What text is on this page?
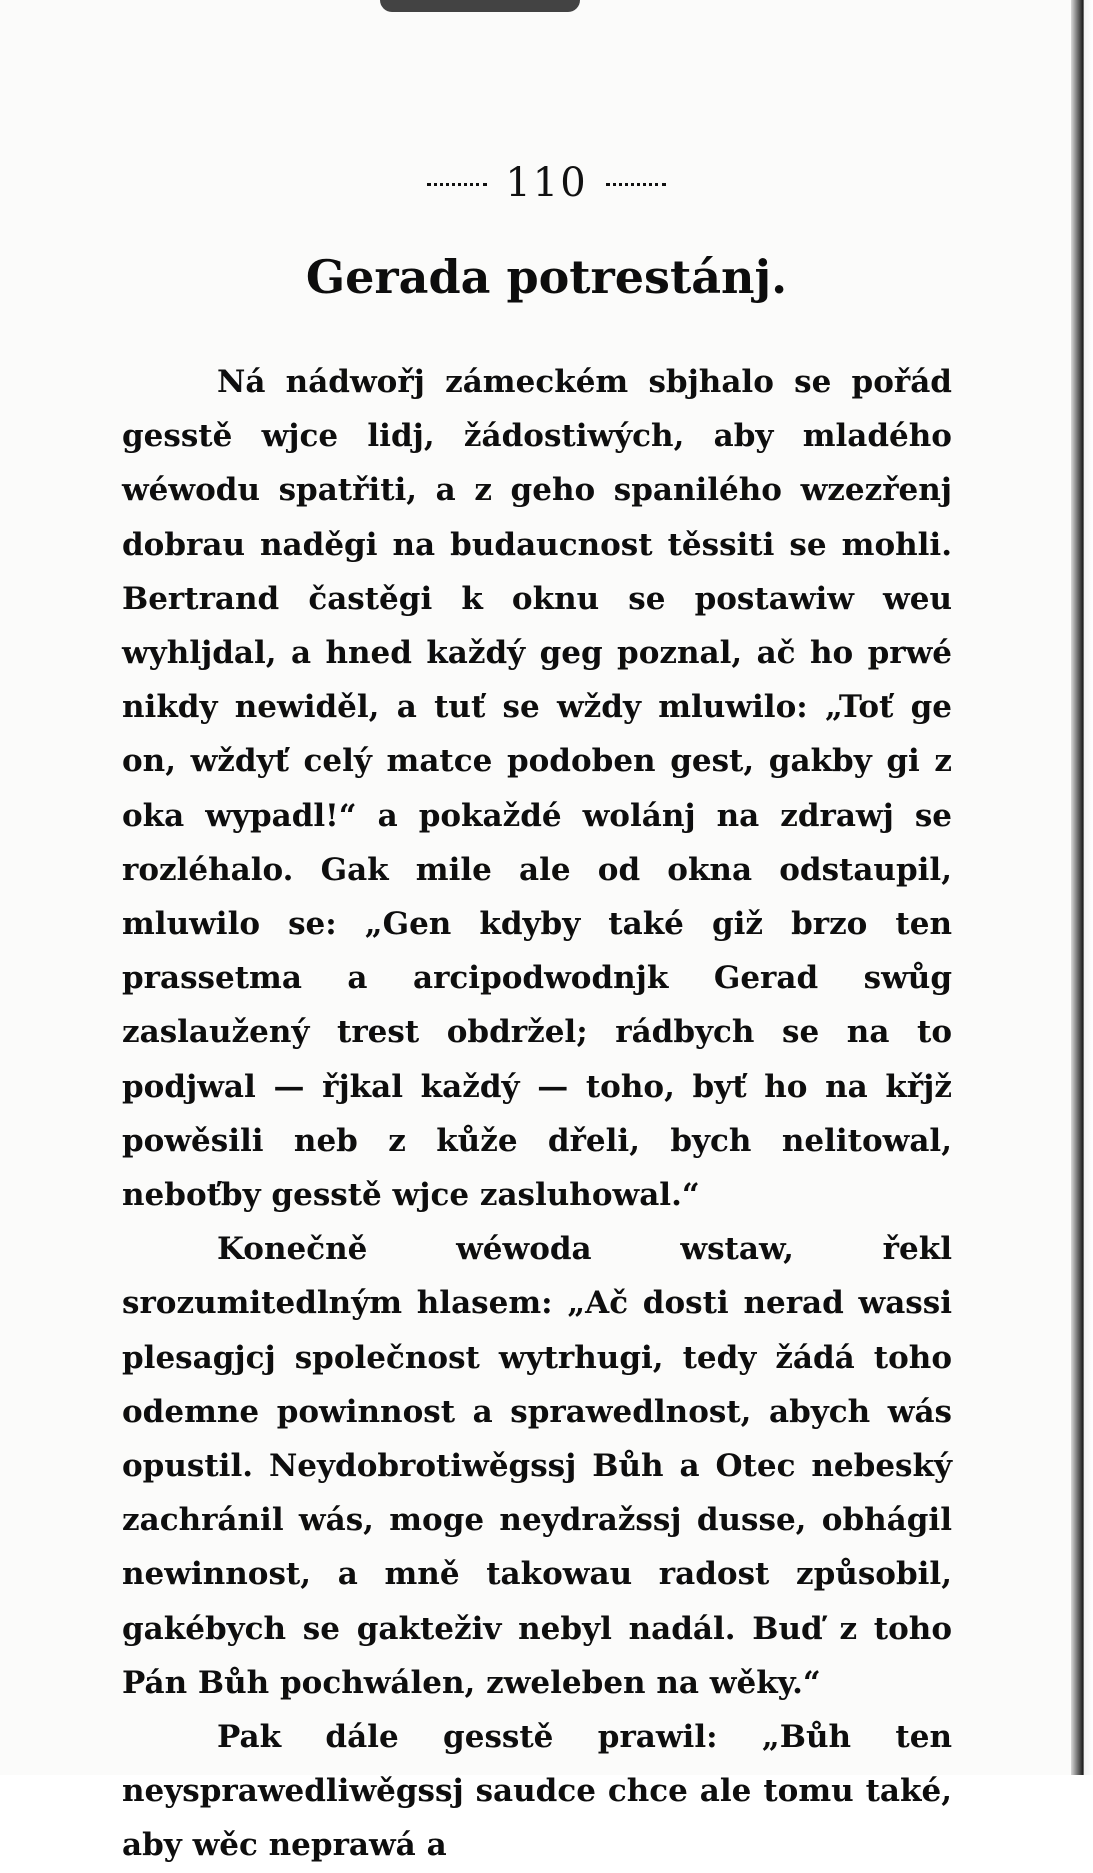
110
Gerada potrestánj.

Ná nádwořj zámeckém sbjhalo se pořád gesstě wjce lidj, žádostiwých, aby mladého wéwodu spatřiti, a z geho spanilého wzezřenj dobrau naděgi na budaucnost těssiti se mohli. Bertrand častěgi k oknu se postawiw weu wyhljdal, a hned každý geg poznal, ač ho prwé nikdy newiděl, a tuť se wždy mluwilo: „Toť ge on, wždyť celý matce podoben gest, gakby gi z oka wypadl!“ a pokaždé wolánj na zdrawj se rozléhalo. Gak mile ale od okna odstaupil, mluwilo se: „Gen kdyby také giž brzo ten prassetma a arcipodwodnjk Gerad swůg zaslaužený trest obdržel; rádbych se na to podjwal — řjkal každý — toho, byť ho na křjž powěsili neb z kůže dřeli, bych nelitowal, neboťby gesstě wjce zasluhowal.“

Konečně wéwoda wstaw, řekl srozumitedlným hlasem: „Ač dosti nerad wassi plesagjcj společnost wytrhugi, tedy žádá toho odemne powinnost a sprawedlnost, abych wás opustil. Neydobrotiwěgssj Bůh a Otec nebeský zachránil wás, moge neydražssj dusse, obhágil newinnost, a mně takowau radost způsobil, gakébych se gakteživ nebyl nadál. Buď z toho Pán Bůh pochwálen, zweleben na wěky.“

Pak dále gesstě prawil: „Bůh ten neysprawedliwěgssj saudce chce ale tomu také, aby wěc neprawá a
